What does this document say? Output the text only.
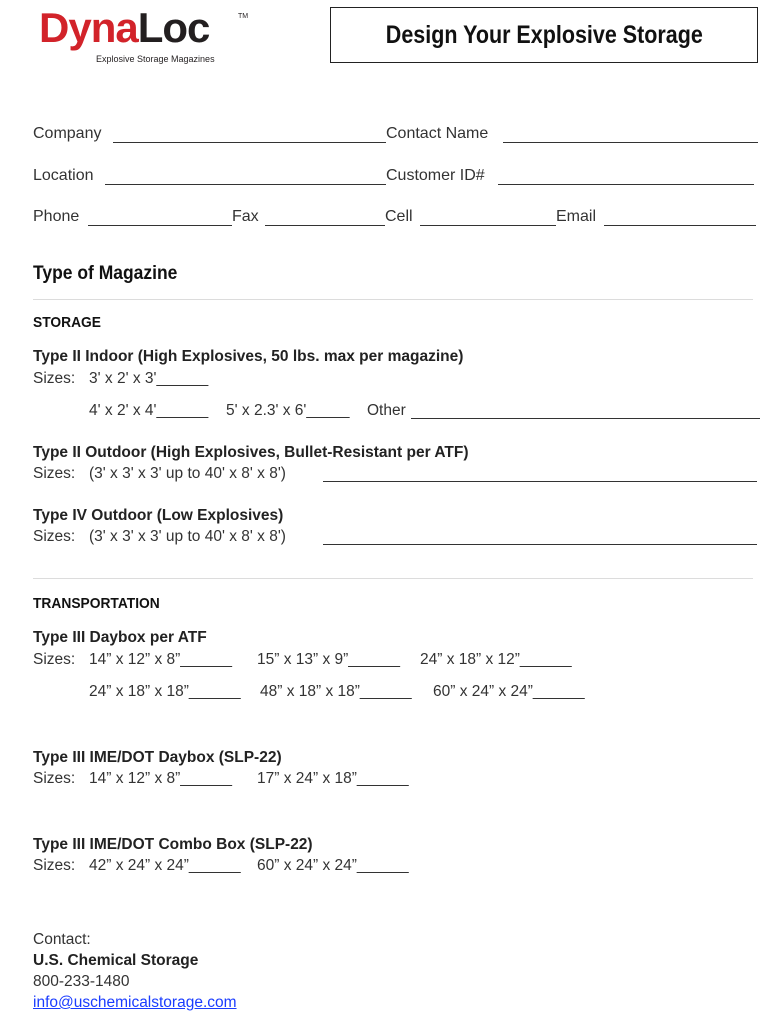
DynaLoc	TM
Explosive Storage Magazines
Design Your Explosive Storage
Company	Contact Name
Location	Customer ID#
Phone	Fax	Cell	Email
Type of Magazine
STORAGE
Type II Indoor (High Explosives, 50 lbs. max per magazine)
Sizes: 3' x 2' x 3'______
4' x 2' x 4'______ 5' x 2.3' x 6'_____ Other
Type II Outdoor (High Explosives, Bullet-Resistant per ATF)
Sizes: (3' x 3' x 3' up to 40' x 8' x 8')
Type IV Outdoor (Low Explosives)
Sizes: (3' x 3' x 3' up to 40' x 8' x 8')
TRANSPORTATION
Type III Daybox per ATF
Sizes: 14” x 12” x 8”______ 15” x 13” x 9”______ 24” x 18” x 12”______
24” x 18” x 18”______ 48” x 18” x 18”______ 60” x 24” x 24”______
Type III IME/DOT Daybox (SLP-22)
Sizes: 14” x 12” x 8”______ 17” x 24” x 18”______
Type III IME/DOT Combo Box (SLP-22)
Sizes: 42” x 24” x 24”______ 60” x 24” x 24”______
Contact:
U.S. Chemical Storage
800-233-1480
info@uschemicalstorage.com
